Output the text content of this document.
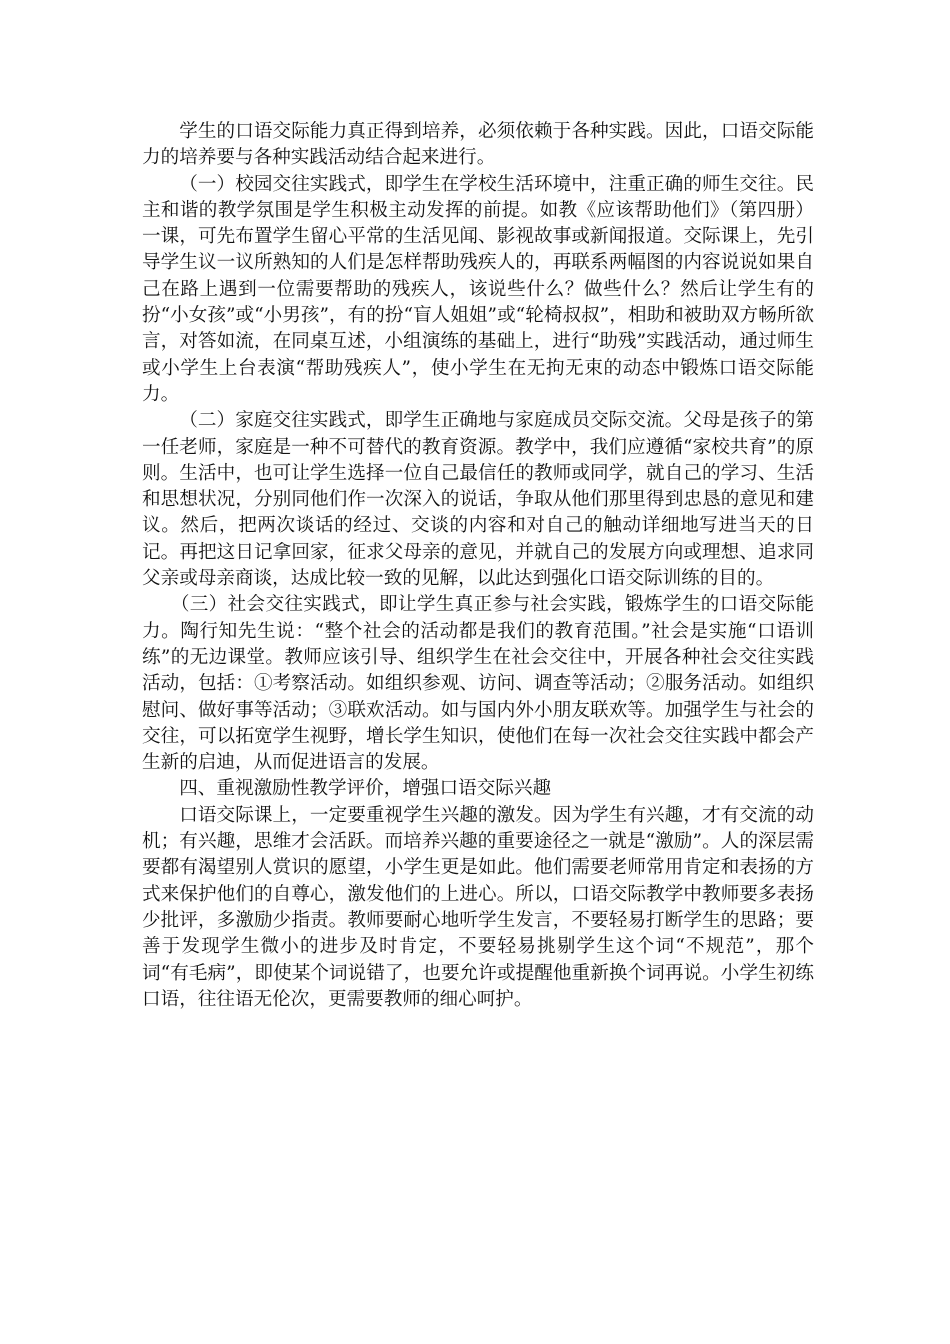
学生的口语交际能力真正得到培养，必须依赖于各种实践。因此，口语交际能力的培养要与各种实践活动结合起来进行。

（一）校园交往实践式，即学生在学校生活环境中，注重正确的师生交往。民主和谐的教学氛围是学生积极主动发挥的前提。如教《应该帮助他们》（第四册）一课，可先布置学生留心平常的生活见闻、影视故事或新闻报道。交际课上，先引导学生议一议所熟知的人们是怎样帮助残疾人的，再联系两幅图的内容说说如果自己在路上遇到一位需要帮助的残疾人，该说些什么？做些什么？然后让学生有的扮“小女孩”或“小男孩”，有的扮“盲人姐姐”或“轮椅叔叔”，相助和被助双方畅所欲言，对答如流，在同桌互述，小组演练的基础上，进行“助残”实践活动，通过师生或小学生上台表演“帮助残疾人”，使小学生在无拘无束的动态中锻炼口语交际能力。

（二）家庭交往实践式，即学生正确地与家庭成员交际交流。父母是孩子的第一任老师，家庭是一种不可替代的教育资源。教学中，我们应遵循“家校共育”的原则。生活中，也可让学生选择一位自己最信任的教师或同学，就自己的学习、生活和思想状况，分别同他们作一次深入的说话，争取从他们那里得到忠恳的意见和建议。然后，把两次谈话的经过、交谈的内容和对自己的触动详细地写进当天的日记。再把这日记拿回家，征求父母亲的意见，并就自己的发展方向或理想、追求同父亲或母亲商谈，达成比较一致的见解，以此达到强化口语交际训练的目的。

（三）社会交往实践式，即让学生真正参与社会实践，锻炼学生的口语交际能力。陶行知先生说：“整个社会的活动都是我们的教育范围。”社会是实施“口语训练”的无边课堂。教师应该引导、组织学生在社会交往中，开展各种社会交往实践活动，包括：①考察活动。如组织参观、访问、调查等活动；②服务活动。如组织慰问、做好事等活动；③联欢活动。如与国内外小朋友联欢等。加强学生与社会的交往，可以拓宽学生视野，增长学生知识，使他们在每一次社会交往实践中都会产生新的启迪，从而促进语言的发展。

四、重视激励性教学评价，增强口语交际兴趣

口语交际课上，一定要重视学生兴趣的激发。因为学生有兴趣，才有交流的动机；有兴趣，思维才会活跃。而培养兴趣的重要途径之一就是“激励”。人的深层需要都有渴望别人赏识的愿望，小学生更是如此。他们需要老师常用肯定和表扬的方式来保护他们的自尊心，激发他们的上进心。所以，口语交际教学中教师要多表扬少批评，多激励少指责。教师要耐心地听学生发言，不要轻易打断学生的思路；要善于发现学生微小的进步及时肯定，不要轻易挑剔学生这个词“不规范”，那个词“有毛病”，即使某个词说错了，也要允许或提醒他重新换个词再说。小学生初练口语，往往语无伦次，更需要教师的细心呵护。
